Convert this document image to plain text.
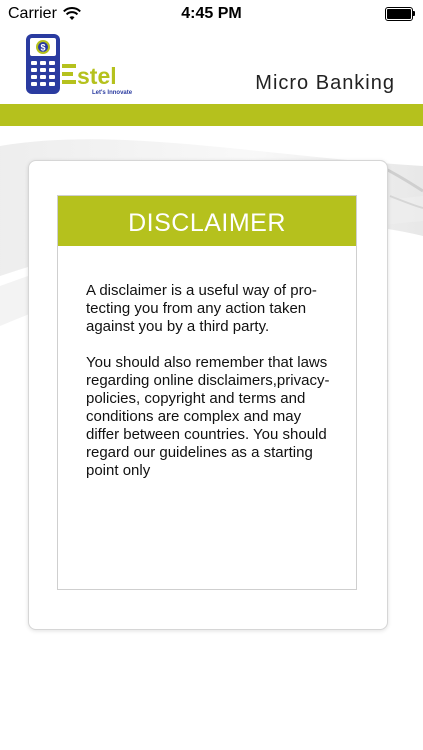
Carrier	4:45 PM
$
stel
Let's Innovate	Micro Banking
DISCLAIMER

A disclaimer is a useful way of pro-tecting you from any action taken against you by a third party.

You should also remember that laws regarding online disclaimers,privacy-policies, copyright and terms and conditions are complex and may differ between countries. You should regard our guidelines as a starting point only
